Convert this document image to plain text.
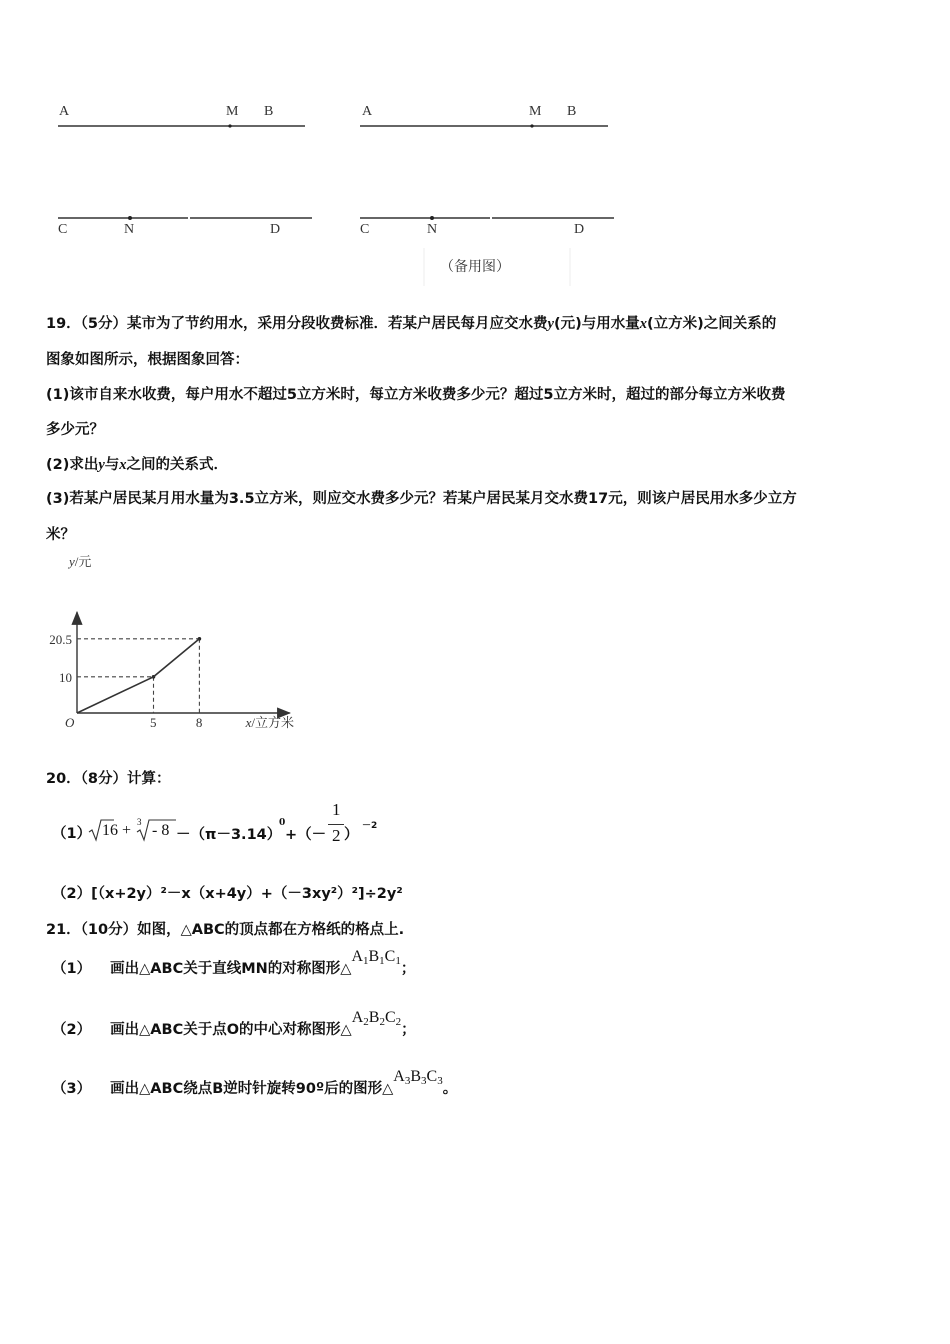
A	M B
C	N	D
A	M B
C	N	D
（备用图）
19．（5分）某市为了节约用水，采用分段收费标准．若某户居民每月应交水费y(元)与用水量x(立方米)之间关系的
图象如图所示，根据图象回答：
(1)该市自来水收费，每户用水不超过5立方米时，每立方米收费多少元？超过5立方米时，超过的部分每立方米收费
多少元？
(2)求出y与x之间的关系式．
(3)若某户居民某月用水量为3.5立方米，则应交水费多少元？若某户居民某月交水费17元，则该户居民用水多少立方
米？
5	8
10
20.5
O
y/元
x/立方米
20．（8分）计算：
（1） 16 + 3 - 8 －（π－3.14）
0
+（－
1
2 ）
－2
（2）[（x+2y）²－x（x+4y）+（－3xy²）²]÷2y²
21．（10分）如图，△ABC的顶点都在方格纸的格点上.
（1） 画出△ABC关于直线MN的对称图形$\triangle A_1B_1C_1$；
（2） 画出△ABC关于点O的中心对称图形$\triangle A_2B_2C_2$；
（3） 画出△ABC绕点B逆时针旋转90º后的图形$\triangle A_3B_3C_3$。
